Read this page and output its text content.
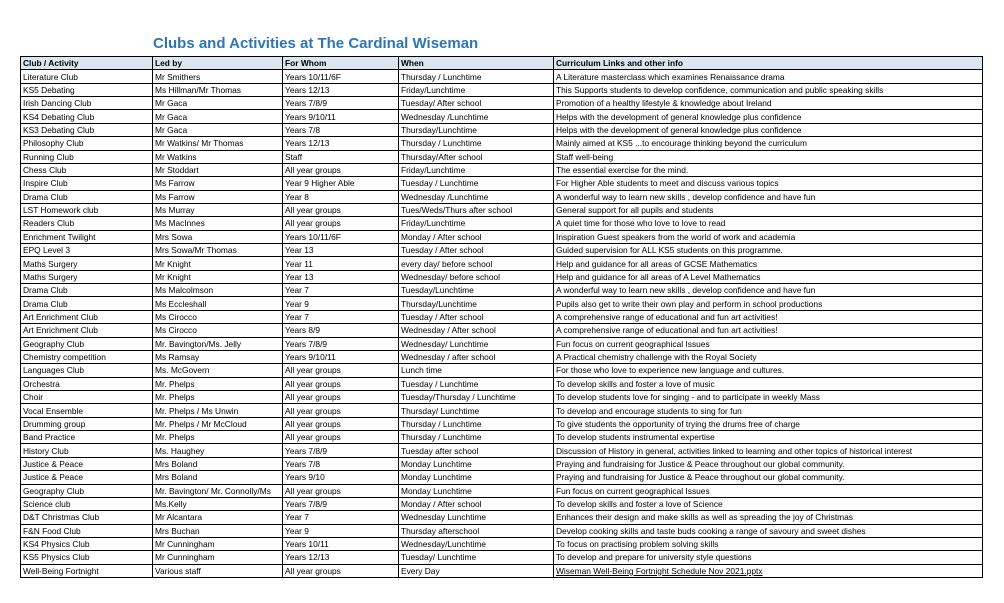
Clubs and Activities at The Cardinal Wiseman
Club / Activity	Led by	For Whom	When	Curriculum Links and other info
Literature Club	Mr Smithers	Years 10/11/6F	Thursday / Lunchtime	A Literature masterclass which examines Renaissance drama
KS5 Debating	Ms Hillman/Mr Thomas	Years 12/13	Friday/Lunchtime	This Supports students to develop confidence, communication and public speaking skills
Irish Dancing Club	Mr Gaca	Years 7/8/9	Tuesday/ After school	Promotion of a healthy lifestyle & knowledge about Ireland
KS4 Debating Club	Mr Gaca	Years 9/10/11	Wednesday /Lunchtime	Helps with the development of general knowledge plus confidence
KS3 Debating Club	Mr Gaca	Years 7/8	Thursday/Lunchtime	Helps with the development of general knowledge plus confidence
Philosophy Club	Mr Watkins/ Mr Thomas	Years 12/13	Thursday / Lunchtime	Mainly aimed at KS5 ...to encourage thinking beyond the curriculum
Running Club	Mr Watkins	Staff	Thursday/After school	Staff well-being
Chess Club	Mr Stoddart	All year groups	Friday/Lunchtime	The essential exercise for the mind.
Inspire Club	Ms Farrow	Year 9 Higher Able	Tuesday / Lunchtime	For Higher Able students to meet and discuss various topics
Drama Club	Ms Farrow	Year 8	Wednesday /Lunchtime	A wonderful way to learn new skills , develop confidence and have fun
LST Homework club	Ms Murray	All year groups	Tues/Weds/Thurs after school	General support for all pupils and students
Readers Club	Ms MacInnes	All year groups	Friday/Lunchtime	A quiet time for those who love to love to read
Enrichment Twilight	Mrs Sowa	Years 10/11/6F	Monday / After school	Inspiration Guest speakers from the world of work and academia
EPQ Level 3	Mrs Sowa/Mr Thomas	Year 13	Tuesday / After school	Guided supervision for ALL KS5 students on this programme.
Maths Surgery	Mr Knight	Year 11	every day/ before school	Help and guidance for all areas of GCSE Mathematics
Maths Surgery	Mr Knight	Year 13	Wednesday/ before school	Help and guidance for all areas of A Level Mathematics
Drama Club	Ms Malcolmson	Year 7	Tuesday/Lunchtime	A wonderful way to learn new skills , develop confidence and have fun
Drama Club	Ms Eccleshall	Year 9	Thursday/Lunchtime	Pupils also get to write their own play and perform in school productions
Art Enrichment Club	Ms Cirocco	Year 7	Tuesday / After school	A comprehensive range of educational and fun art activities!
Art Enrichment Club	Ms Cirocco	Years 8/9	Wednesday / After school	A comprehensive range of educational and fun art activities!
Geography Club	Mr. Bavington/Ms. Jelly	Years 7/8/9	Wednesday/ Lunchtime	Fun focus on current geographical Issues
Chemistry competition	Ms Ramsay	Years 9/10/11	Wednesday / after school	A Practical chemistry challenge with the Royal Society
Languages Club	Ms. McGovern	All year groups	Lunch time	For those who love to experience new language and cultures.
Orchestra	Mr. Phelps	All year groups	Tuesday / Lunchtime	To develop skills and foster a love of music
Choir	Mr. Phelps	All year groups	Tuesday/Thursday / Lunchtime	To develop students love for singing - and to participate in weekly Mass
Vocal Ensemble	Mr. Phelps / Ms Unwin	All year groups	Thursday/ Lunchtime	To develop and encourage students to sing for fun
Drumming group	Mr. Phelps / Mr McCloud	All year groups	Thursday / Lunchtime	To give students the opportunity of trying the drums free of charge
Band Practice	Mr. Phelps	All year groups	Thursday / Lunchtime	To develop students instrumental expertise
History Club	Ms. Haughey	Years 7/8/9	Tuesday after school	Discussion of History in general, activities linked to learning and other topics of historical interest
Justice & Peace	Mrs Boland	Years 7/8	Monday Lunchtime	Praying and fundraising for Justice & Peace throughout our global community.
Justice & Peace	Mrs Boland	Years 9/10	Monday Lunchtime	Praying and fundraising for Justice & Peace throughout our global community.
Geography Club	Mr. Bavington/ Mr. Connolly/Ms	All year groups	Monday Lunchtime	Fun focus on current geographical Issues
Science club	Ms.Kelly	Years 7/8/9	Monday / After school	To develop skills and foster a love of Science
D&T Christmas Club	Mr Alcantara	Year 7	Wednesday Lunchtime	Enhances their design and make skills as well as spreading the joy of Christmas
F&N Food Club	Mrs Buchan	Year 9	Thursday afterschool	Develop cooking skills and taste buds cooking a range of savoury and sweet dishes
KS4 Physics Club	Mr Cunningham	Years 10/11	Wednesday/Lunchtime	To focus on practising problem solving skills
KS5 Physics Club	Mr Cunningham	Years 12/13	Tuesday/ Lunchtime	To develop and prepare for university style questions
Well-Being Fortnight	Various staff	All year groups	Every Day	Wiseman Well-Being Fortnight Schedule Nov 2021.pptx
